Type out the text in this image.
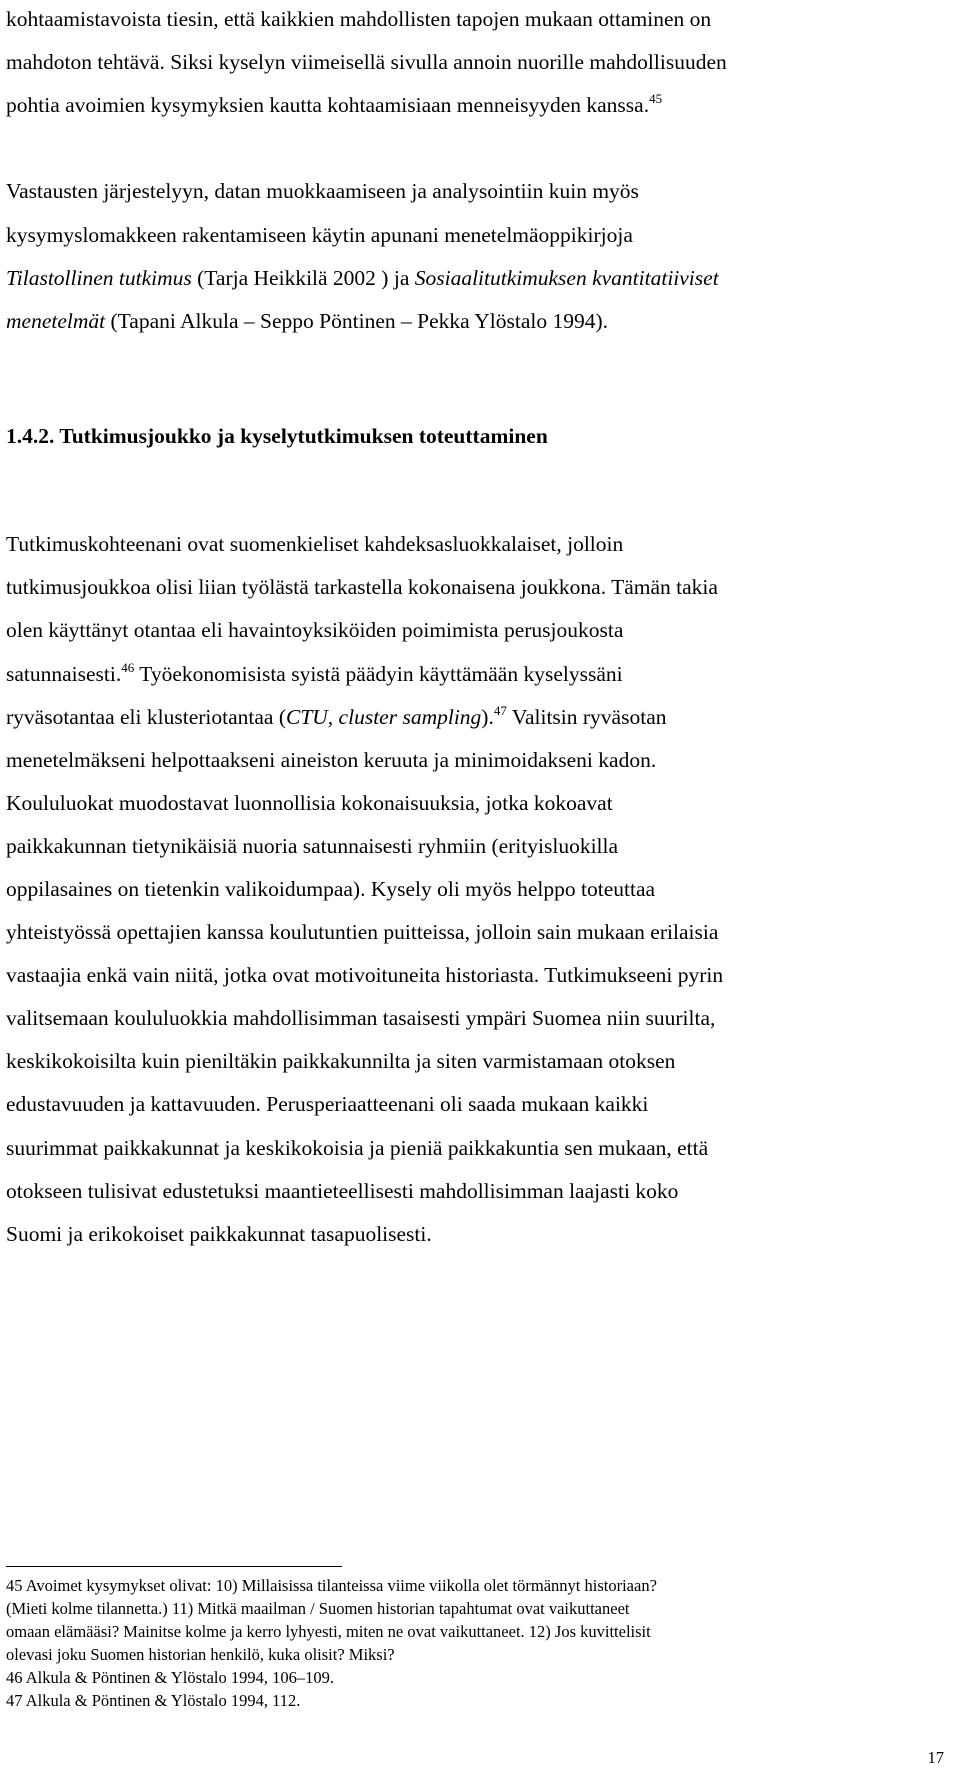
kohtaamistavoista tiesin, että kaikkien mahdollisten tapojen mukaan ottaminen on
mahdoton tehtävä. Siksi kyselyn viimeisellä sivulla annoin nuorille mahdollisuuden
pohtia avoimien kysymyksien kautta kohtaamisiaan menneisyyden kanssa.$^{45}$
Vastausten järjestelyyn, datan muokkaamiseen ja analysointiin kuin myös
kysymyslomakkeen rakentamiseen käytin apunani menetelmäoppikirjoja
Tilastollinen tutkimus (Tarja Heikkilä 2002 ) ja Sosiaalitutkimuksen kvantitatiiviset
menetelmät (Tapani Alkula – Seppo Pöntinen – Pekka Ylöstalo 1994).
1.4.2. Tutkimusjoukko ja kyselytutkimuksen toteuttaminen
Tutkimuskohteenani ovat suomenkieliset kahdeksasluokkalaiset, jolloin
tutkimusjoukkoa olisi liian työlästä tarkastella kokonaisena joukkona. Tämän takia
olen käyttänyt otantaa eli havaintoyksiköiden poimimista perusjoukosta
satunnaisesti.$^{46}$ Työekonomisista syistä päädyin käyttämään kyselyssäni
ryväsotantaa eli klusteriotantaa (CTU, cluster sampling).$^{47}$ Valitsin ryväsotan
menetelmäkseni helpottaakseni aineiston keruuta ja minimoidakseni kadon.
Koululuokat muodostavat luonnollisia kokonaisuuksia, jotka kokoavat
paikkakunnan tietynikäisiä nuoria satunnaisesti ryhmiin (erityisluokilla
oppilasaines on tietenkin valikoidumpaa). Kysely oli myös helppo toteuttaa
yhteistyössä opettajien kanssa koulutuntien puitteissa, jolloin sain mukaan erilaisia
vastaajia enkä vain niitä, jotka ovat motivoituneita historiasta. Tutkimukseeni pyrin
valitsemaan koululuokkia mahdollisimman tasaisesti ympäri Suomea niin suurilta,
keskikokoisilta kuin pieniltäkin paikkakunnilta ja siten varmistamaan otoksen
edustavuuden ja kattavuuden. Perusperiaatteenani oli saada mukaan kaikki
suurimmat paikkakunnat ja keskikokoisia ja pieniä paikkakuntia sen mukaan, että
otokseen tulisivat edustetuksi maantieteellisesti mahdollisimman laajasti koko
Suomi ja erikokoiset paikkakunnat tasapuolisesti.
45 Avoimet kysymykset olivat: 10) Millaisissa tilanteissa viime viikolla olet törmännyt historiaan?
(Mieti kolme tilannetta.) 11) Mitkä maailman / Suomen historian tapahtumat ovat vaikuttaneet
omaan elämääsi? Mainitse kolme ja kerro lyhyesti, miten ne ovat vaikuttaneet. 12) Jos kuvittelisit
olevasi joku Suomen historian henkilö, kuka olisit? Miksi?
46 Alkula & Pöntinen & Ylöstalo 1994, 106–109.
47 Alkula & Pöntinen & Ylöstalo 1994, 112.
17
